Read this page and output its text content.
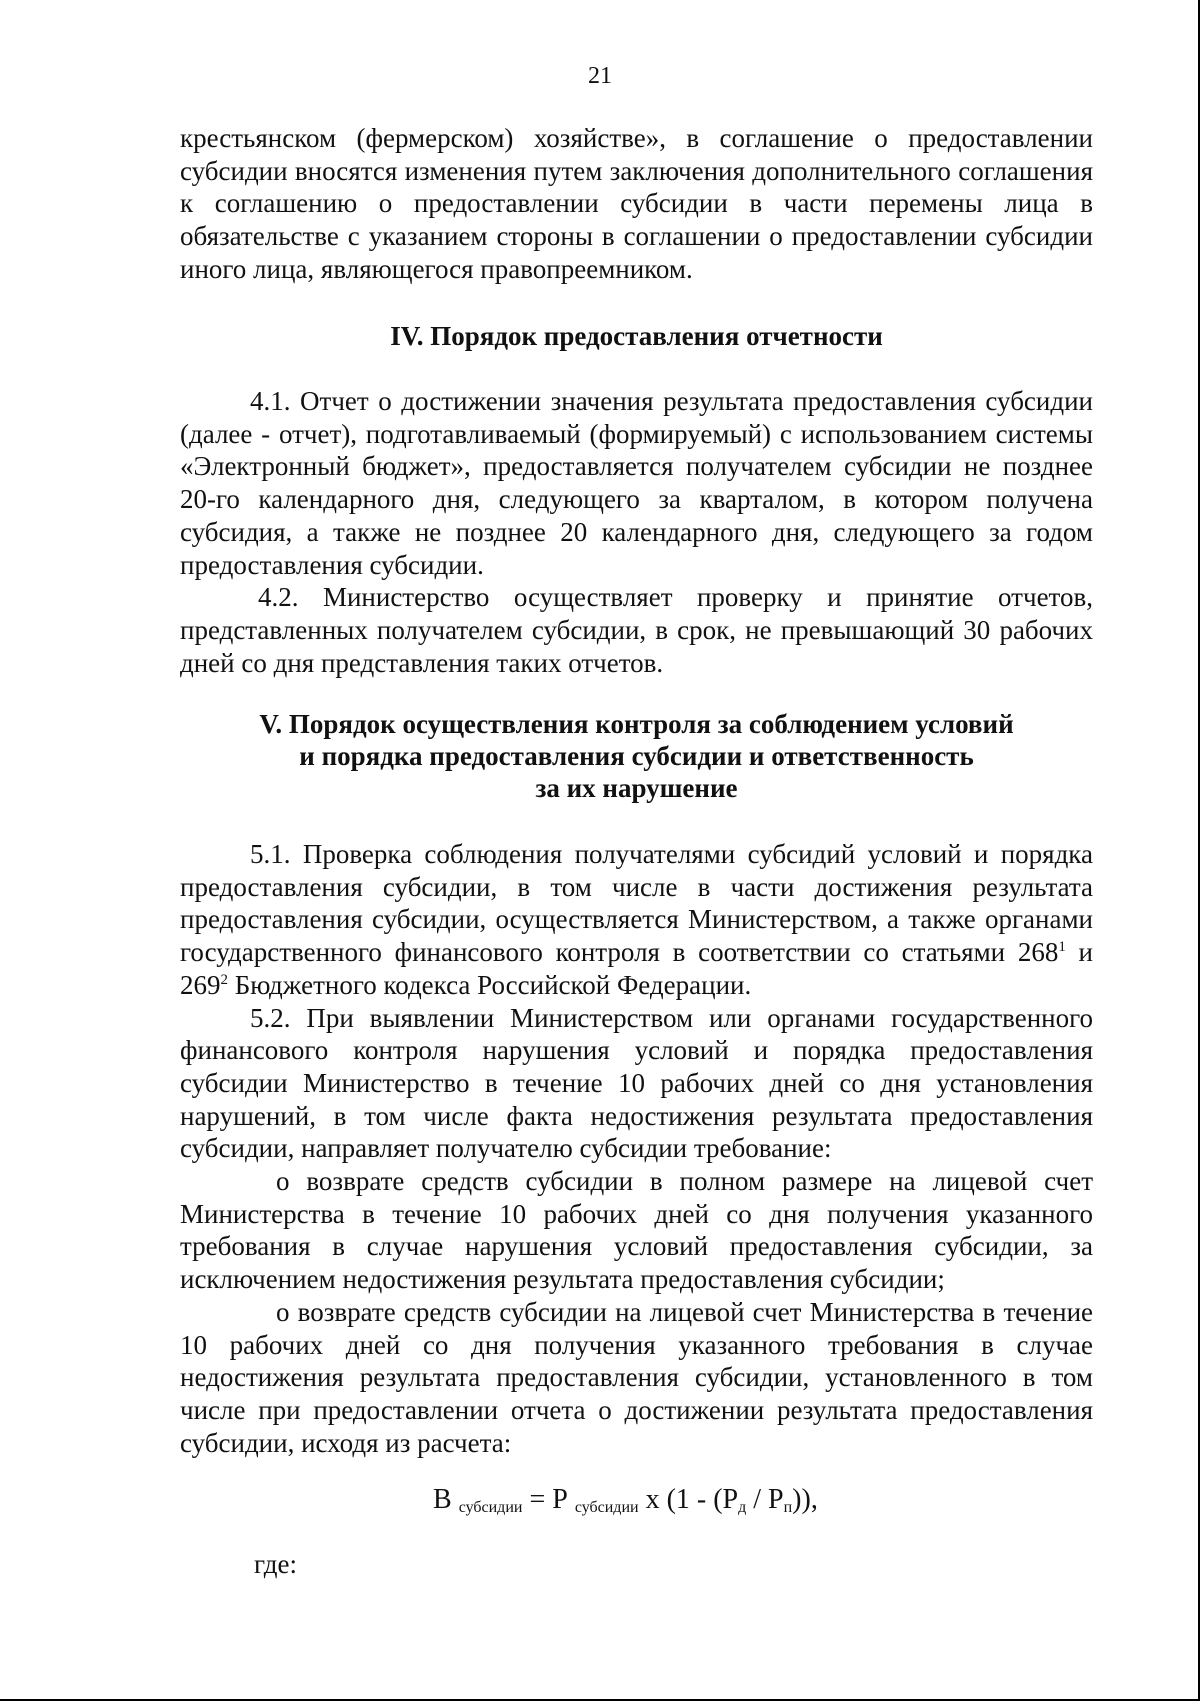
21

крестьянском (фермерском) хозяйстве», в соглашение о предоставлении субсидии вносятся изменения путем заключения дополнительного соглашения к соглашению о предоставлении субсидии в части перемены лица в обязательстве с указанием стороны в соглашении о предоставлении субсидии иного лица, являющегося правопреемником.

IV. Порядок предоставления отчетности

4.1. Отчет о достижении значения результата предоставления субсидии (далее - отчет), подготавливаемый (формируемый) с использованием системы «Электронный бюджет», предоставляется получателем субсидии не позднее 20-го календарного дня, следующего за кварталом, в котором получена субсидия, а также не позднее 20 календарного дня, следующего за годом предоставления субсидии.

4.2. Министерство осуществляет проверку и принятие отчетов, представленных получателем субсидии, в срок, не превышающий 30 рабочих дней со дня представления таких отчетов.

V. Порядок осуществления контроля за соблюдением условий
и порядка предоставления субсидии и ответственность
за их нарушение

5.1. Проверка соблюдения получателями субсидий условий и порядка предоставления субсидии, в том числе в части достижения результата предоставления субсидии, осуществляется Министерством, а также органами государственного финансового контроля в соответствии со статьями $268^1$ и $269^2$ Бюджетного кодекса Российской Федерации.

5.2. При выявлении Министерством или органами государственного финансового контроля нарушения условий и порядка предоставления субсидии Министерство в течение 10 рабочих дней со дня установления нарушений, в том числе факта недостижения результата предоставления субсидии, направляет получателю субсидии требование:

о возврате средств субсидии в полном размере на лицевой счет Министерства в течение 10 рабочих дней со дня получения указанного требования в случае нарушения условий предоставления субсидии, за исключением недостижения результата предоставления субсидии;

о возврате средств субсидии на лицевой счет Министерства в течение 10 рабочих дней со дня получения указанного требования в случае недостижения результата предоставления субсидии, установленного в том числе при предоставлении отчета о достижении результата предоставления субсидии, исходя из расчета:

В $_{субсидии}$ = Р $_{субсидии}$ х $(1 - (Р_д / Р_п))$,
где:
